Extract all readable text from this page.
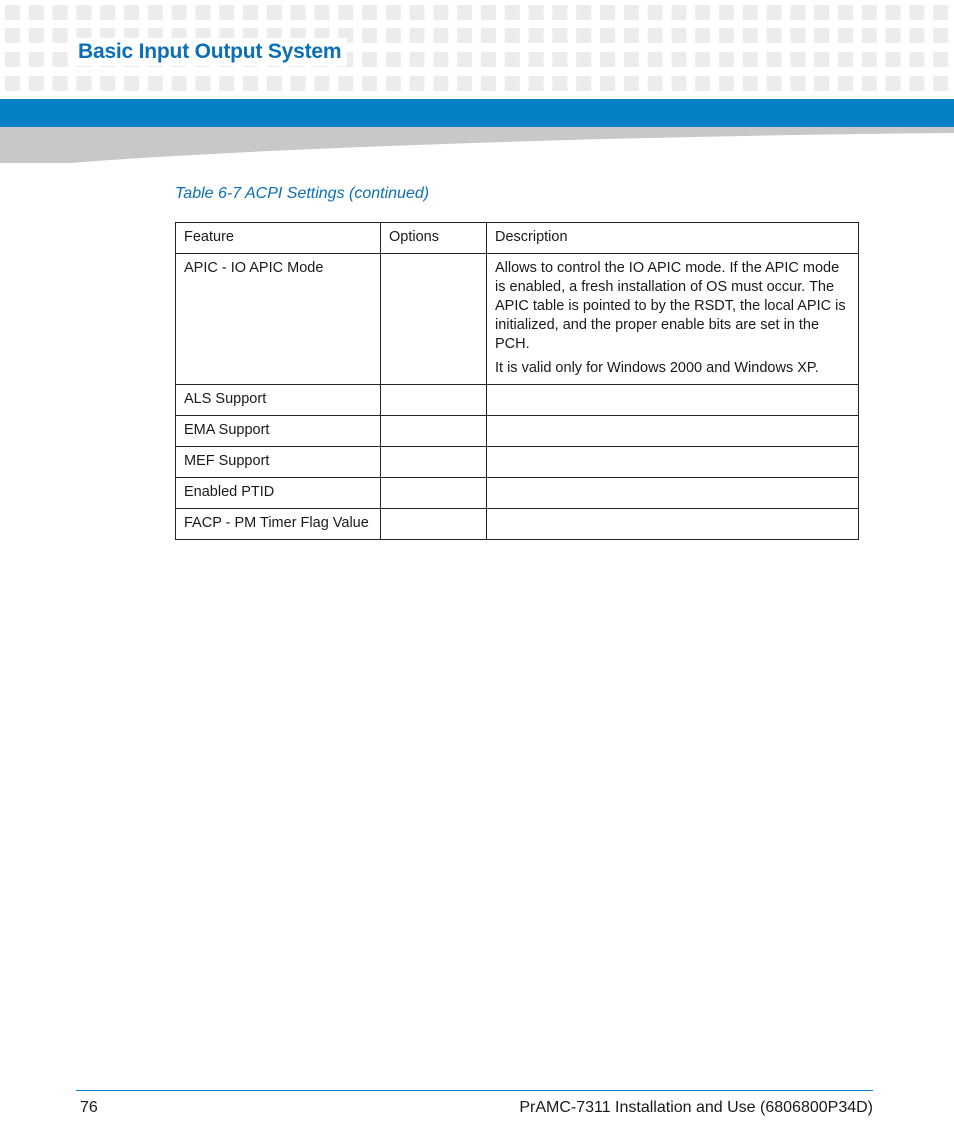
Basic Input Output System
Table 6-7 ACPI Settings (continued)
Feature	Options	Description
APIC - IO APIC Mode		Allows to control the IO APIC mode. If the APIC mode is enabled, a fresh installation of OS must occur. The APIC table is pointed to by the RSDT, the local APIC is initialized, and the proper enable bits are set in the PCH.

It is valid only for Windows 2000 and Windows XP.

ALS Support		
EMA Support		
MEF Support		
Enabled PTID		
FACP - PM Timer Flag Value		
76	PrAMC-7311 Installation and Use (6806800P34D)
